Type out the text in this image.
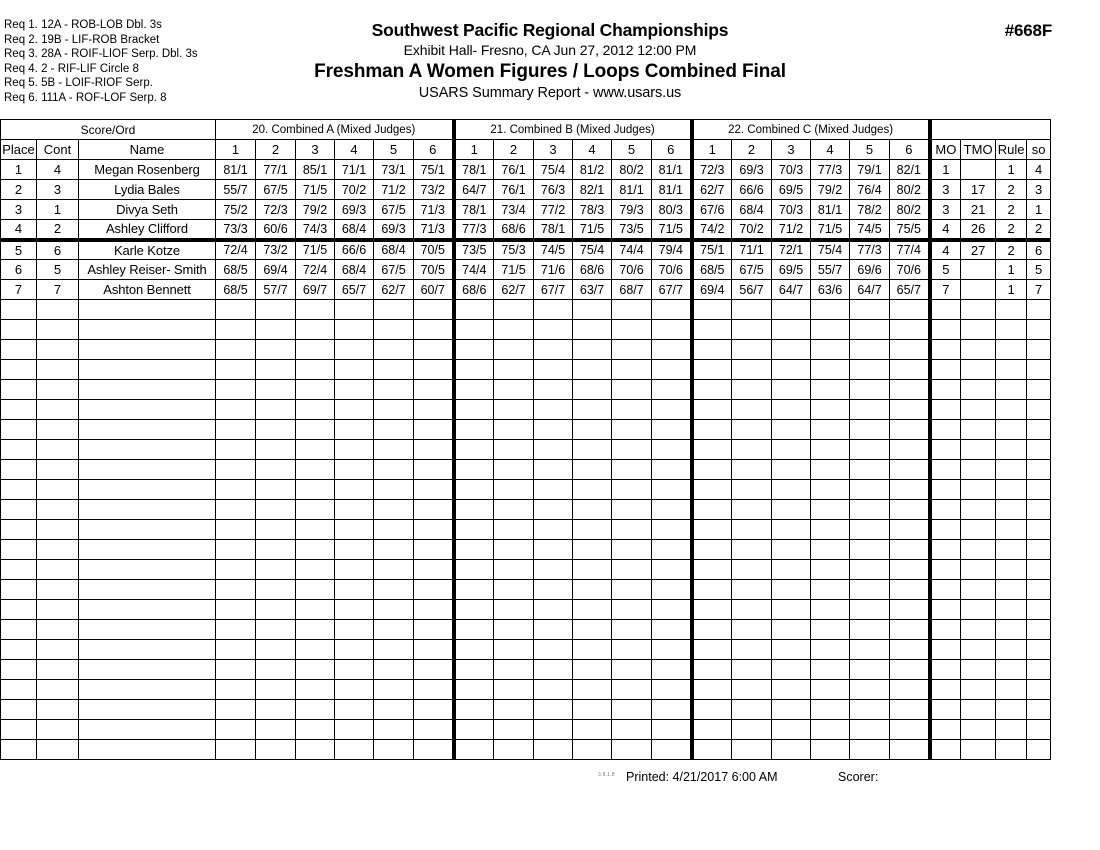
Req 1. 12A - ROB-LOB Dbl. 3s
Req 2. 19B - LIF-ROB Bracket
Req 3. 28A - ROIF-LIOF Serp. Dbl. 3s
Req 4. 2 - RIF-LIF Circle 8
Req 5. 5B - LOIF-RIOF Serp.
Req 6. 111A - ROF-LOF Serp. 8
Southwest Pacific Regional Championships
Exhibit Hall- Fresno, CA Jun 27, 2012 12:00 PM
Freshman A Women Figures / Loops Combined Final
USARS Summary Report - www.usars.us
#668F
Score/Ord			20. Combined A (Mixed Judges)						21. Combined B (Mixed Judges)						22. Combined C (Mixed Judges)									
Place	Cont	Name	1	2	3	4	5	6	1	2	3	4	5	6	1	2	3	4	5	6	MO	TMO	Rule	so
1	4	Megan Rosenberg	81/1	77/1	85/1	71/1	73/1	75/1	78/1	76/1	75/4	81/2	80/2	81/1	72/3	69/3	70/3	77/3	79/1	82/1	1		1	4
2	3	Lydia Bales	55/7	67/5	71/5	70/2	71/2	73/2	64/7	76/1	76/3	82/1	81/1	81/1	62/7	66/6	69/5	79/2	76/4	80/2	3	17	2	3
3	1	Divya Seth	75/2	72/3	79/2	69/3	67/5	71/3	78/1	73/4	77/2	78/3	79/3	80/3	67/6	68/4	70/3	81/1	78/2	80/2	3	21	2	1
4	2	Ashley Clifford	73/3	60/6	74/3	68/4	69/3	71/3	77/3	68/6	78/1	71/5	73/5	71/5	74/2	70/2	71/2	71/5	74/5	75/5	4	26	2	2
5	6	Karle Kotze	72/4	73/2	71/5	66/6	68/4	70/5	73/5	75/3	74/5	75/4	74/4	79/4	75/1	71/1	72/1	75/4	77/3	77/4	4	27	2	6
6	5	Ashley Reiser- Smith	68/5	69/4	72/4	68/4	67/5	70/5	74/4	71/5	71/6	68/6	70/6	70/6	68/5	67/5	69/5	55/7	69/6	70/6	5		1	5
7	7	Ashton Bennett	68/5	57/7	69/7	65/7	62/7	60/7	68/6	62/7	67/7	63/7	68/7	67/7	69/4	56/7	64/7	63/6	64/7	65/7	7		1	7

3.8.1.8 Printed: 4/21/2017 6:00 AM	Scorer:
